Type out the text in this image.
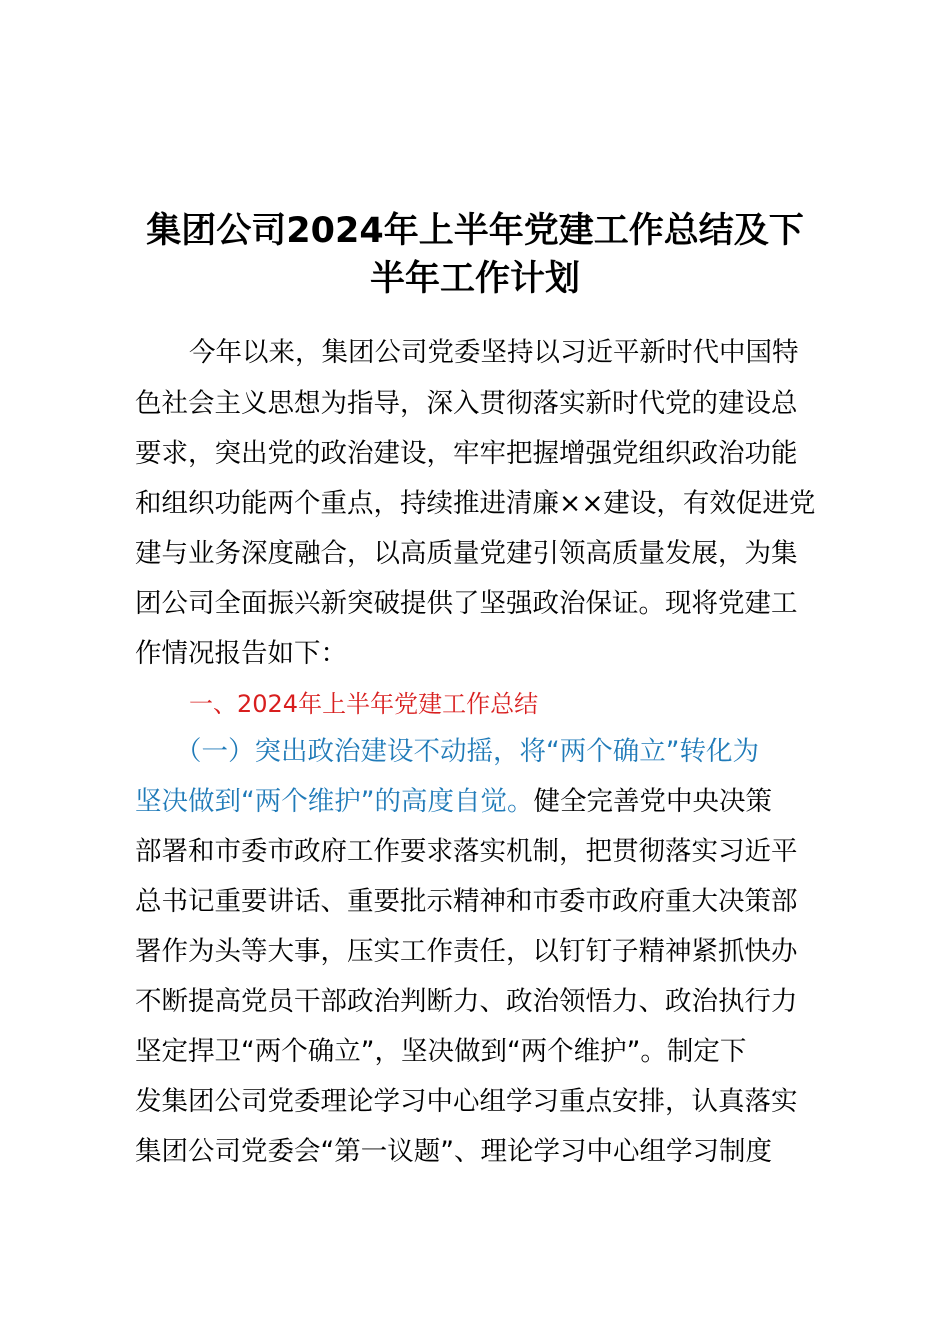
集团公司2024年上半年党建工作总结及下
半年工作计划

今年以来，集团公司党委坚持以习近平新时代中国特

色社会主义思想为指导，深入贯彻落实新时代党的建设总

要求，突出党的政治建设，牢牢把握增强党组织政治功能

和组织功能两个重点，持续推进清廉××建设，有效促进党

建与业务深度融合，以高质量党建引领高质量发展，为集

团公司全面振兴新突破提供了坚强政治保证。现将党建工

作情况报告如下：

一、2024年上半年党建工作总结

（一）突出政治建设不动摇，将“两个确立”转化为

坚决做到“两个维护”的高度自觉。健全完善党中央决策

部署和市委市政府工作要求落实机制，把贯彻落实习近平

总书记重要讲话、重要批示精神和市委市政府重大决策部

署作为头等大事，压实工作责任，以钉钉子精神紧抓快办

不断提高党员干部政治判断力、政治领悟力、政治执行力

坚定捍卫“两个确立”，坚决做到“两个维护”。制定下

发集团公司党委理论学习中心组学习重点安排，认真落实

集团公司党委会“第一议题”、理论学习中心组学习制度
